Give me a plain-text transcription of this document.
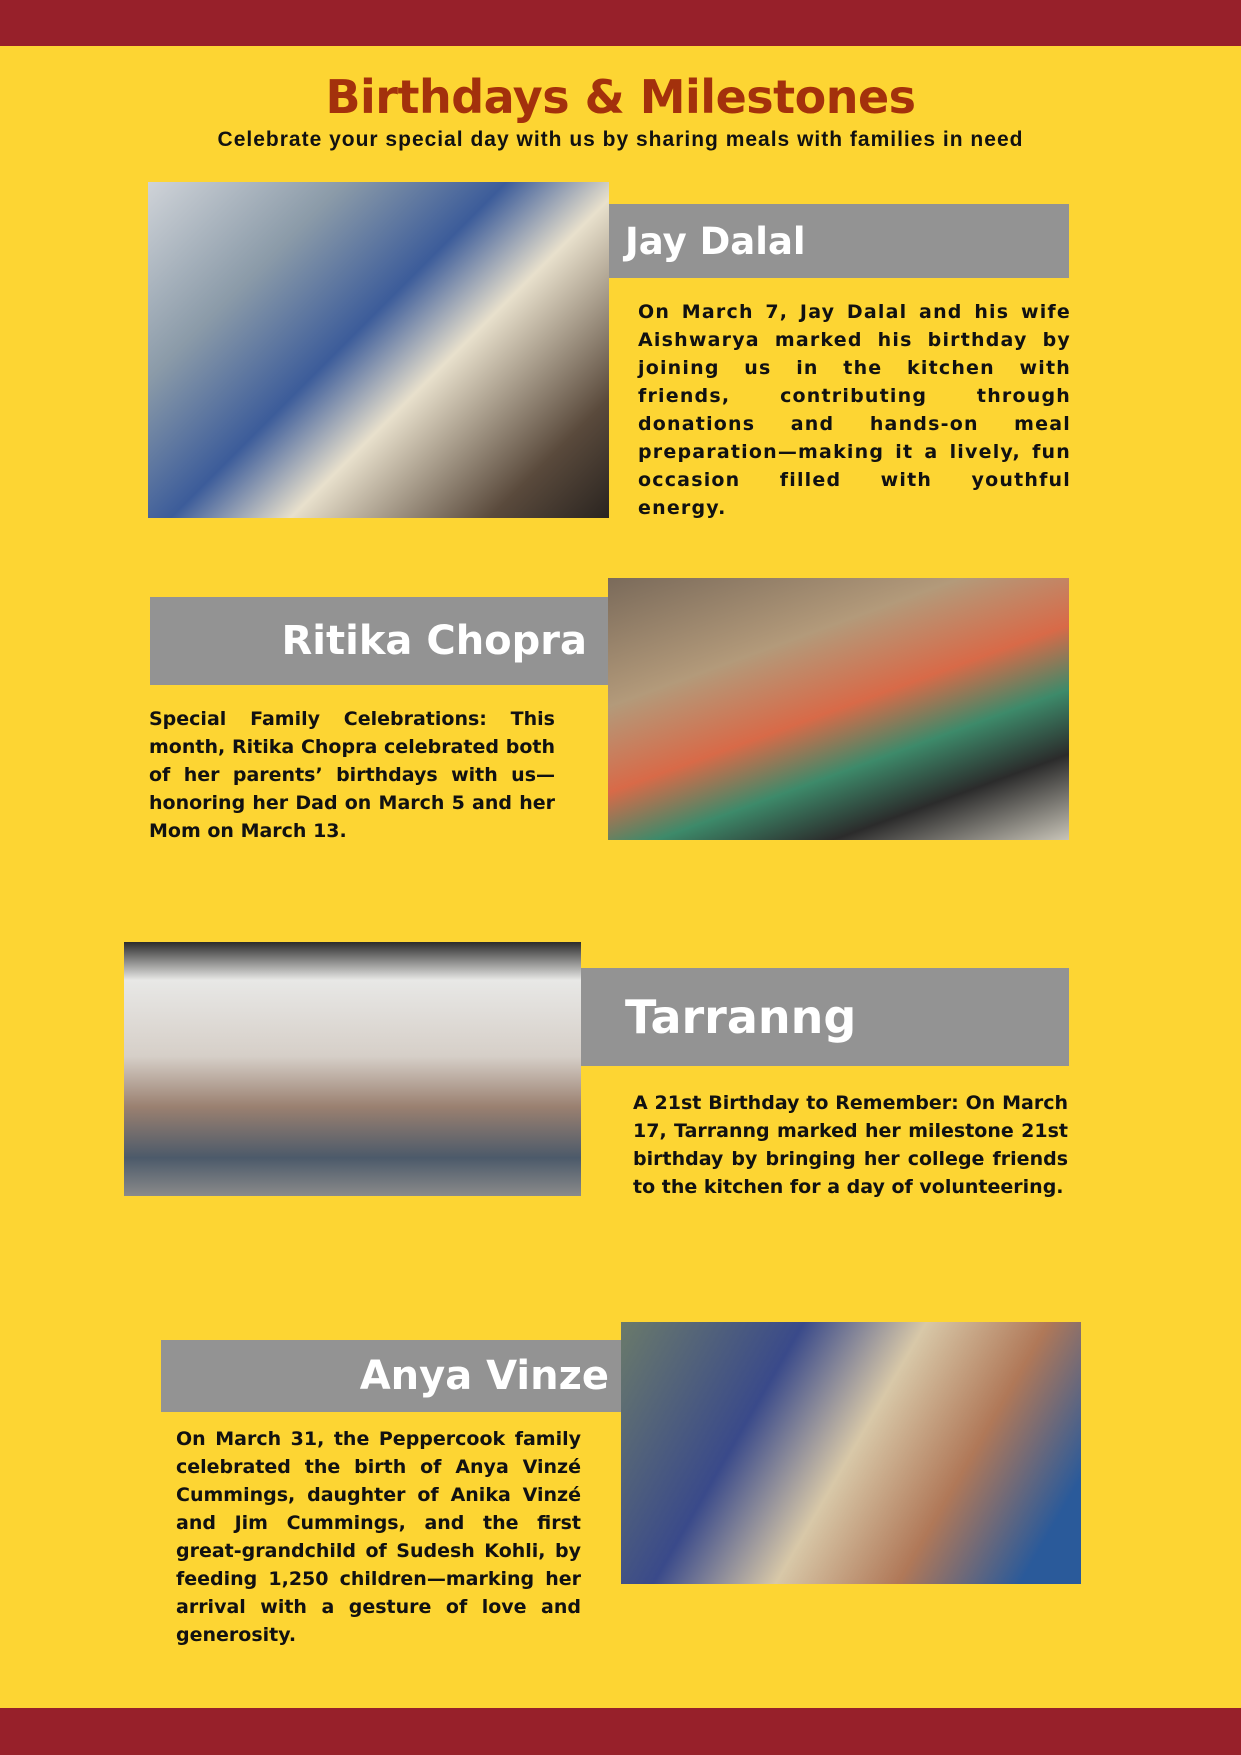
Birthdays & Milestones
Celebrate your special day with us by sharing meals with families in need
Jay Dalal
On March 7, Jay Dalal and his wife Aishwarya marked his birthday by joining us in the kitchen with friends, contributing through donations and hands-on meal preparation—making it a lively, fun occasion filled with youthful energy.
Ritika Chopra
Special Family Celebrations: This month, Ritika Chopra celebrated both of her parents’ birthdays with us—honoring her Dad on March 5 and her Mom on March 13.
Tarranng
A 21st Birthday to Remember: On March 17, Tarranng marked her milestone 21st birthday by bringing her college friends to the kitchen for a day of volunteering.
Anya Vinze
On March 31, the Peppercook family celebrated the birth of Anya Vinzé Cummings, daughter of Anika Vinzé and Jim Cummings, and the first great-grandchild of Sudesh Kohli, by feeding 1,250 children—marking her arrival with a gesture of love and generosity.
